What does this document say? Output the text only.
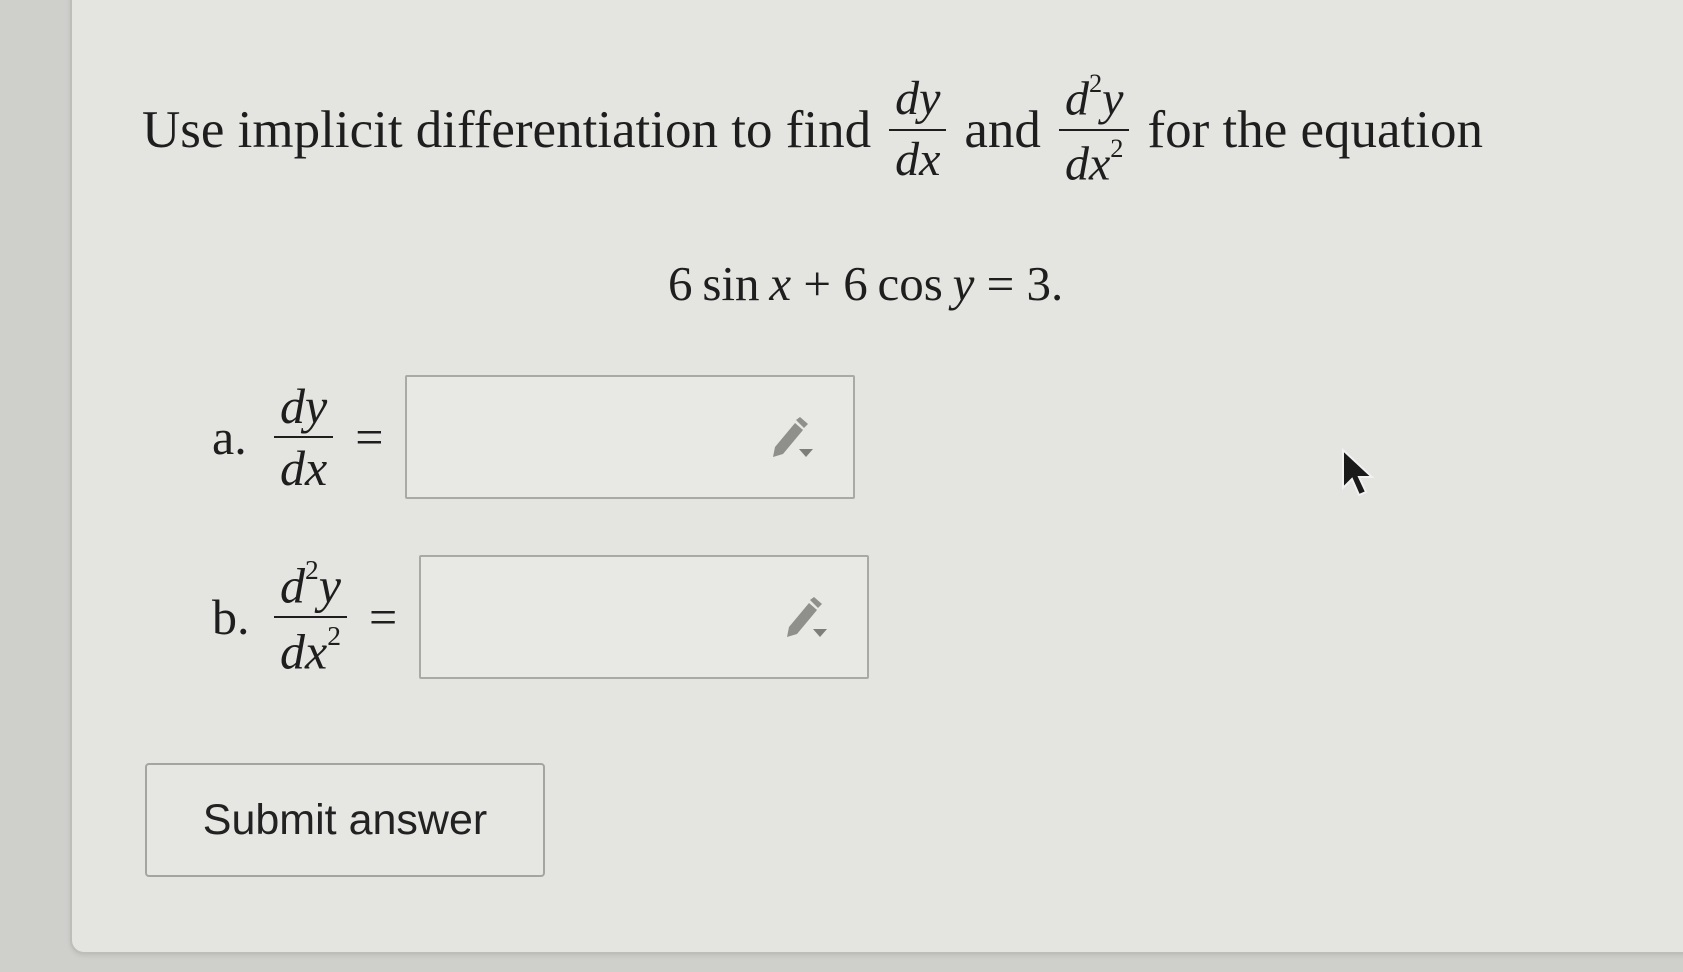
Use implicit differentiation to find $\frac{dy}{dx}$ and $\frac{d^2y}{dx^2}$ for the equation
6
  sin
  x
+
6
  cos
  y
=
3.
a. $\frac{dy}{dx}$ =
b. $\frac{d^2y}{dx^2}$ =
Submit answer
